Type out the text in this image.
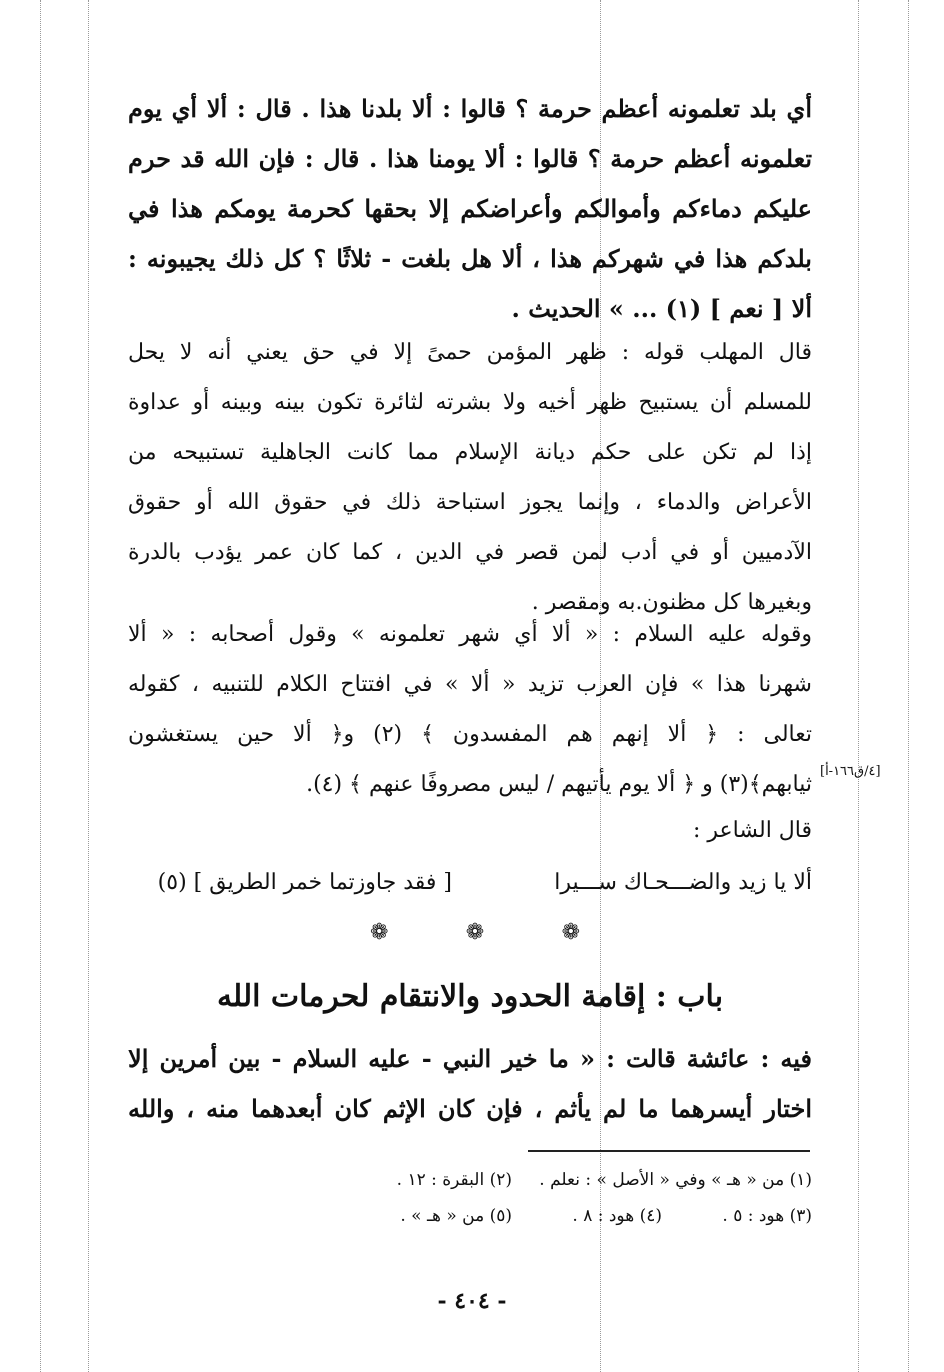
أي بلد تعلمونه أعظم حرمة ؟ قالوا : ألا بلدنا هذا . قال : ألا أي يوم
تعلمونه أعظم حرمة ؟ قالوا : ألا يومنا هذا . قال : فإن الله قد حرم
عليكم دماءكم وأموالكم وأعراضكم إلا بحقها كحرمة يومكم هذا في
بلدكم هذا في شهركم هذا ، ألا هل بلغت - ثلاثًا ؟ كل ذلك يجيبونه :
ألا [ نعم ] (١) ... » الحديث .
قال المهلب قوله : ظهر المؤمن حمىً إلا في حق يعني أنه لا يحل
للمسلم أن يستبيح ظهر أخيه ولا بشرته لثائرة تكون بينه وبينه أو عداوة
إذا لم تكن على حكم ديانة الإسلام مما كانت الجاهلية تستبيحه من
الأعراض والدماء ، وإنما يجوز استباحة ذلك في حقوق الله أو حقوق
الآدميين أو في أدب لمن قصر في الدين ، كما كان عمر يؤدب بالدرة
وبغيرها كل مظنون.به ومقصر .
وقوله عليه السلام : « ألا أي شهر تعلمونه » وقول أصحابه : « ألا
شهرنا هذا » فإن العرب تزيد « ألا » في افتتاح الكلام للتنبيه ، كقوله
تعالى : ﴿ ألا إنهم هم المفسدون ﴾ (٢) و﴿ ألا حين يستغشون
ثيابهم﴾(٣) و ﴿ ألا يوم يأتيهم / ليس مصروفًا عنهم ﴾ (٤).
[٤/ق١٦٦-أ]
قال الشاعر :
ألا يا زيد والضـــحـاك ســـيرا
[ فقد جاوزتما خمر الطريق ] (٥)
❁	❁	❁
باب : إقامة الحدود والانتقام لحرمات الله
فيه : عائشة قالت : « ما خير النبي - عليه السلام - بين أمرين إلا
اختار أيسرهما ما لم يأثم ، فإن كان الإثم كان أبعدهما منه ، والله
(١) من « هـ » وفي « الأصل » : نعلم .
(٢) البقرة : ١٢ .
(٣) هود : ٥ .
(٤) هود : ٨ .
(٥) من « هـ » .
- ٤٠٤ -
